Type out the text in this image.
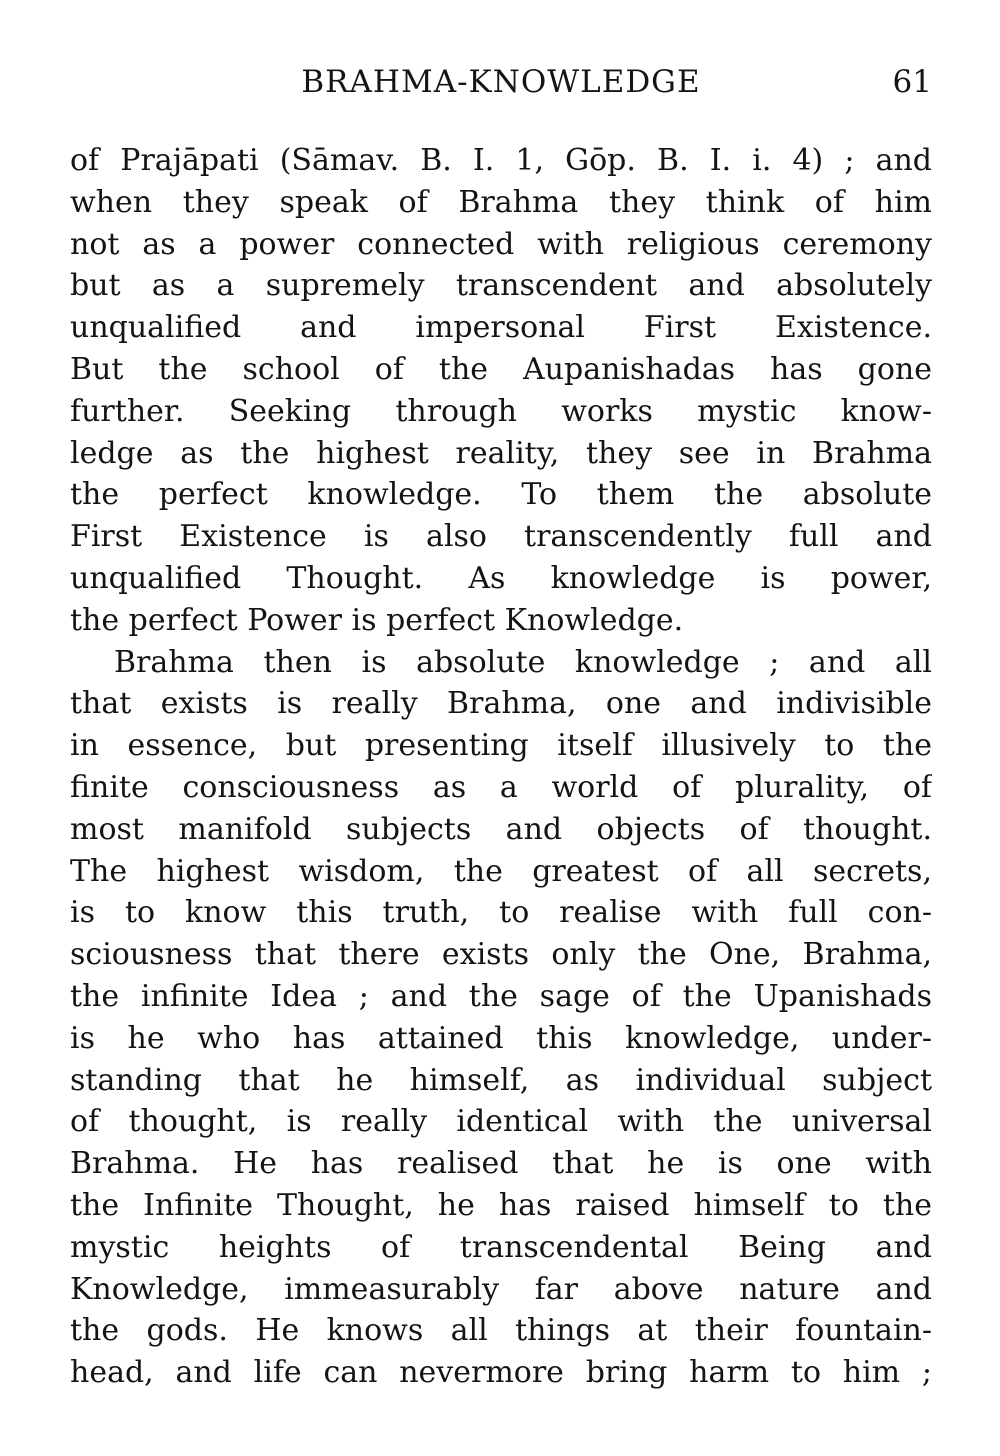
BRAHMA-KNOWLEDGE	61
of Prajāpati (Sāmav. B. I. 1, Gōp. B. I. i. 4) ; and
when they speak of Brahma they think of him
not as a power connected with religious ceremony
but as a supremely transcendent and absolutely
unqualified and impersonal First Existence.
But the school of the Aupanishadas has gone
further. Seeking through works mystic know-
ledge as the highest reality, they see in Brahma
the perfect knowledge. To them the absolute
First Existence is also transcendently full and
unqualified Thought. As knowledge is power,
the perfect Power is perfect Knowledge.
Brahma then is absolute knowledge ; and all
that exists is really Brahma, one and indivisible
in essence, but presenting itself illusively to the
finite consciousness as a world of plurality, of
most manifold subjects and objects of thought.
The highest wisdom, the greatest of all secrets,
is to know this truth, to realise with full con-
sciousness that there exists only the One, Brahma,
the infinite Idea ; and the sage of the Upanishads
is he who has attained this knowledge, under-
standing that he himself, as individual subject
of thought, is really identical with the universal
Brahma. He has realised that he is one with
the Infinite Thought, he has raised himself to the
mystic heights of transcendental Being and
Knowledge, immeasurably far above nature and
the gods. He knows all things at their fountain-
head, and life can nevermore bring harm to him ;
